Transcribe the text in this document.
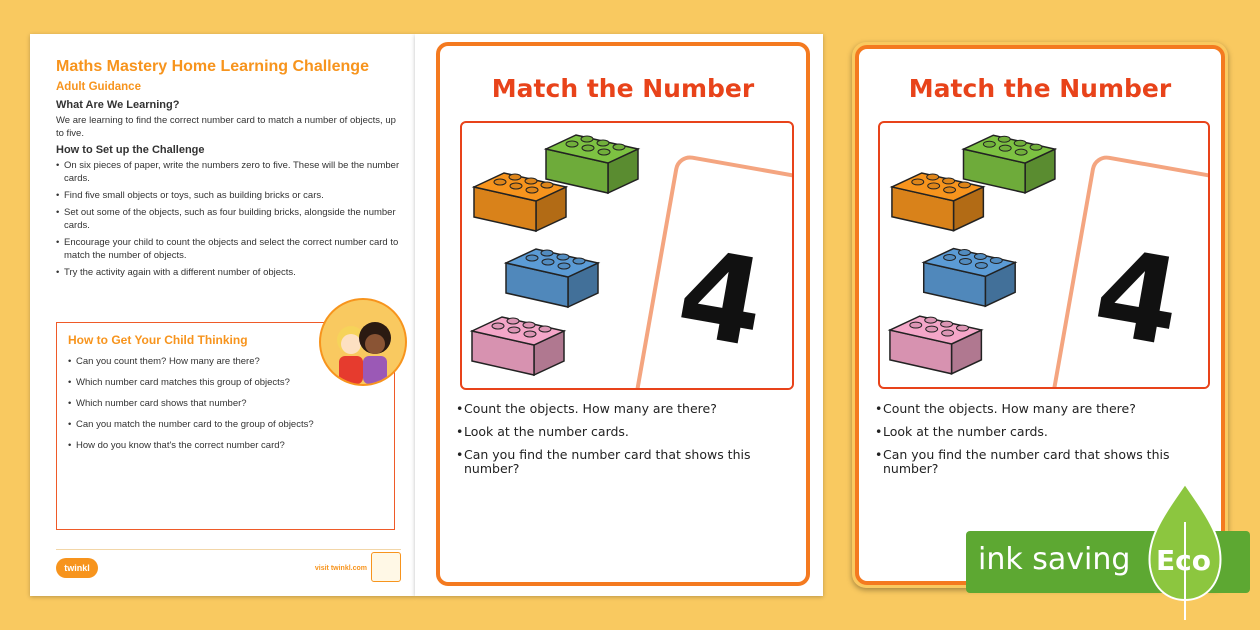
Maths Mastery Home Learning Challenge
Adult Guidance
What Are We Learning?

We are learning to find the correct number card to match a number of objects, up to five.

How to Set up the Challenge
• On six pieces of paper, write the numbers zero to five. These will be the number cards.
• Find five small objects or toys, such as building bricks or cars.
• Set out some of the objects, such as four building bricks, alongside the number cards.
• Encourage your child to count the objects and select the correct number card to match the number of objects.
• Try the activity again with a different number of objects.
How to Get Your Child Thinking
• Can you count them? How many are there?
• Which number card matches this group of objects?
• Which number card shows that number?
• Can you match the number card to the group of objects?
• How do you know that's the correct number card?
twinkl	visit twinkl.com
Match the Number
4
• Count the objects. How many are there?
• Look at the number cards.
• Can you find the number card that shows this number?
Match the Number
4
• Count the objects. How many are there?
• Look at the number cards.
• Can you find the number card that shows this number?
ink saving Eco
